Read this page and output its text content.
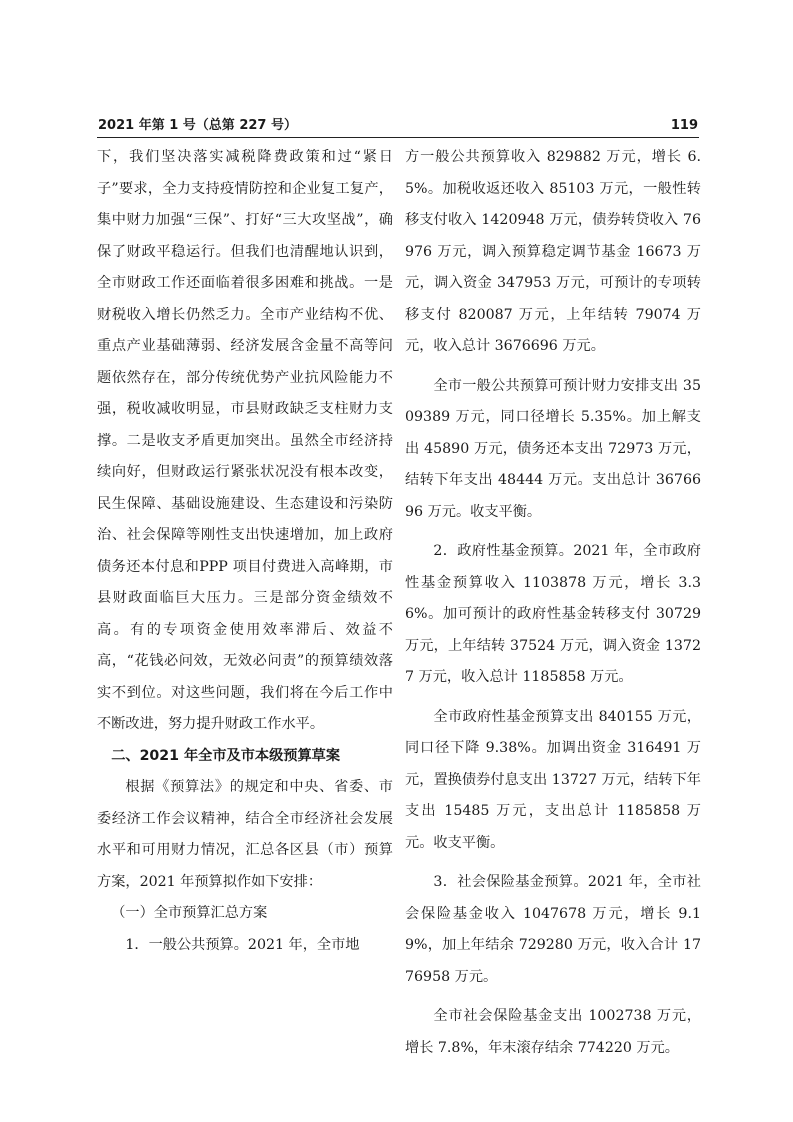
2021 年第 1 号（总第 227 号）	119

下，我们坚决落实减税降费政策和过“紧日子”要求，全力支持疫情防控和企业复工复产，集中财力加强“三保”、打好“三大攻坚战”，确保了财政平稳运行。但我们也清醒地认识到，全市财政工作还面临着很多困难和挑战。一是财税收入增长仍然乏力。全市产业结构不优、重点产业基础薄弱、经济发展含金量不高等问题依然存在，部分传统优势产业抗风险能力不强，税收减收明显，市县财政缺乏支柱财力支撑。二是收支矛盾更加突出。虽然全市经济持续向好，但财政运行紧张状况没有根本改变，民生保障、基础设施建设、生态建设和污染防治、社会保障等刚性支出快速增加，加上政府债务还本付息和PPP 项目付费进入高峰期，市县财政面临巨大压力。三是部分资金绩效不高。有的专项资金使用效率滞后、效益不高，“花钱必问效，无效必问责”的预算绩效落实不到位。对这些问题，我们将在今后工作中不断改进，努力提升财政工作水平。

二、2021 年全市及市本级预算草案

根据《预算法》的规定和中央、省委、市委经济工作会议精神，结合全市经济社会发展水平和可用财力情况，汇总各区县（市）预算方案，2021 年预算拟作如下安排：

（一）全市预算汇总方案

1．一般公共预算。2021 年，全市地

方一般公共预算收入 829882 万元，增长 6.5%。加税收返还收入 85103 万元，一般性转移支付收入 1420948 万元，债券转贷收入 76976 万元，调入预算稳定调节基金 16673 万元，调入资金 347953 万元，可预计的专项转移支付 820087 万元，上年结转 79074 万元，收入总计 3676696 万元。

全市一般公共预算可预计财力安排支出 3509389 万元，同口径增长 5.35%。加上解支出 45890 万元，债务还本支出 72973 万元，结转下年支出 48444 万元。支出总计 3676696 万元。收支平衡。

2．政府性基金预算。2021 年，全市政府性基金预算收入 1103878 万元，增长 3.36%。加可预计的政府性基金转移支付 30729 万元，上年结转 37524 万元，调入资金 13727 万元，收入总计 1185858 万元。

全市政府性基金预算支出 840155 万元，同口径下降 9.38%。加调出资金 316491 万元，置换债券付息支出 13727 万元，结转下年支出 15485 万元，支出总计 1185858 万元。收支平衡。

3．社会保险基金预算。2021 年，全市社会保险基金收入 1047678 万元，增长 9.19%，加上年结余 729280 万元，收入合计 1776958 万元。

全市社会保险基金支出 1002738 万元，增长 7.8%，年末滚存结余 774220 万元。
